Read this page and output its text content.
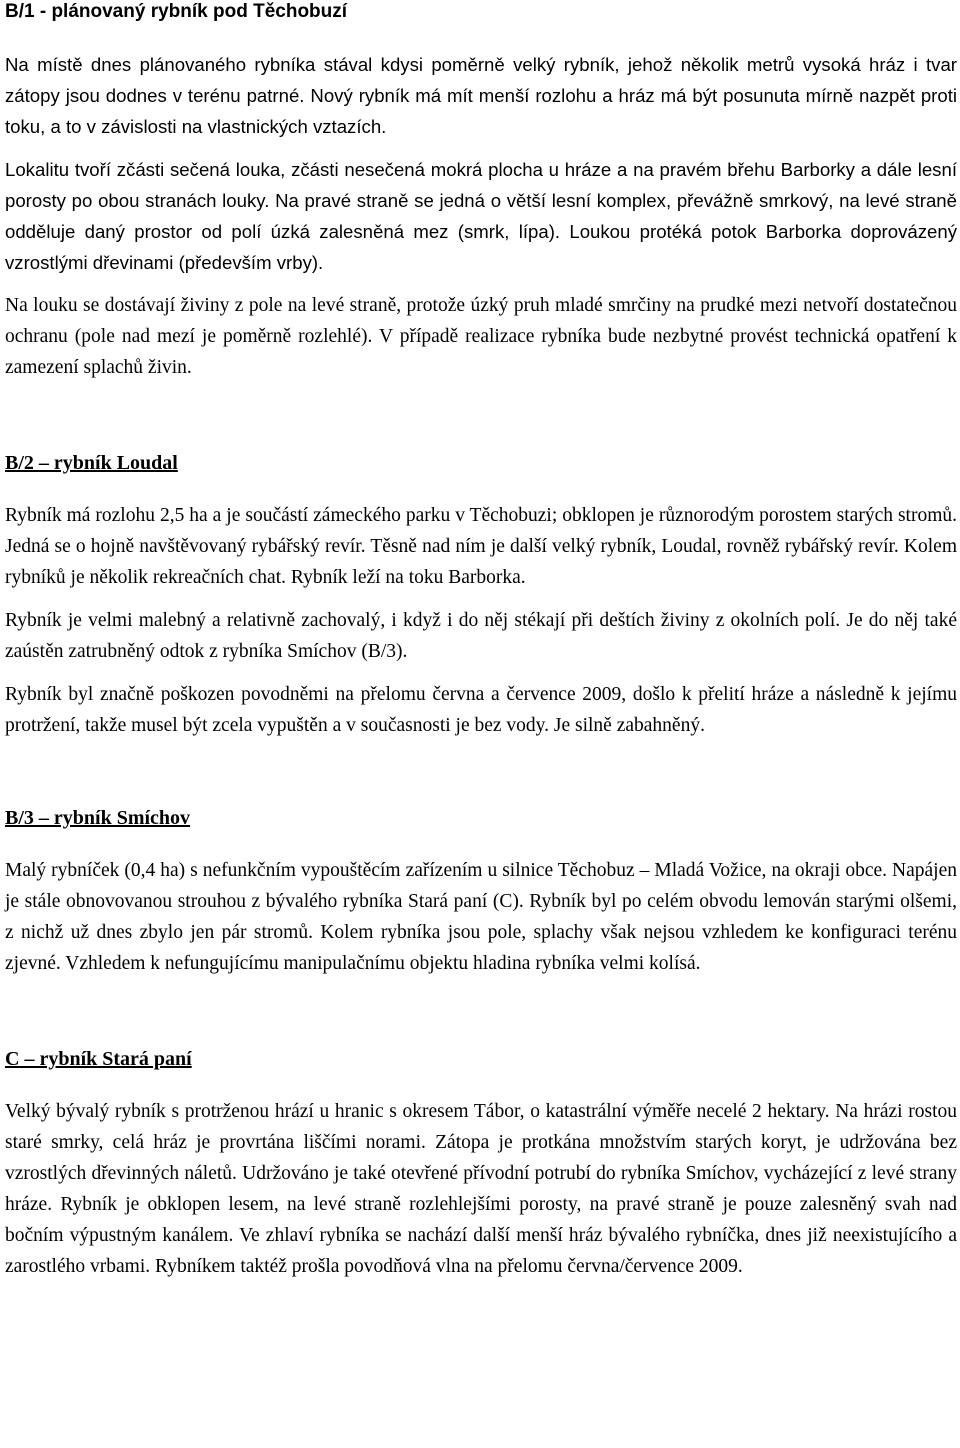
B/1 - plánovaný rybník pod Těchobuzí

Na místě dnes plánovaného rybníka stával kdysi poměrně velký rybník, jehož několik metrů vysoká hráz i tvar zátopy jsou dodnes v terénu patrné. Nový rybník má mít menší rozlohu a hráz má být posunuta mírně nazpět proti toku, a to v závislosti na vlastnických vztazích.

Lokalitu tvoří zčásti sečená louka, zčásti nesečená mokrá plocha u hráze a na pravém břehu Barborky a dále lesní porosty po obou stranách louky. Na pravé straně se jedná o větší lesní komplex, převážně smrkový, na levé straně odděluje daný prostor od polí úzká zalesněná mez (smrk, lípa). Loukou protéká potok Barborka doprovázený vzrostlými dřevinami (především vrby).

Na louku se dostávají živiny z pole na levé straně, protože úzký pruh mladé smrčiny na prudké mezi netvoří dostatečnou ochranu (pole nad mezí je poměrně rozlehlé). V případě realizace rybníka bude nezbytné provést technická opatření k zamezení splachů živin.

B/2 – rybník Loudal

Rybník má rozlohu 2,5 ha a je součástí zámeckého parku v Těchobuzi; obklopen je různorodým porostem starých stromů. Jedná se o hojně navštěvovaný rybářský revír. Těsně nad ním je další velký rybník, Loudal, rovněž rybářský revír. Kolem rybníků je několik rekreačních chat. Rybník leží na toku Barborka.

Rybník je velmi malebný a relativně zachovalý, i když i do něj stékají při deštích živiny z okolních polí. Je do něj také zaústěn zatrubněný odtok z rybníka Smíchov (B/3).

Rybník byl značně poškozen povodněmi na přelomu června a července 2009, došlo k přelití hráze a následně k jejímu protržení, takže musel být zcela vypuštěn a v současnosti je bez vody. Je silně zabahněný.

B/3 – rybník Smíchov

Malý rybníček (0,4 ha) s nefunkčním vypouštěcím zařízením u silnice Těchobuz – Mladá Vožice, na okraji obce. Napájen je stále obnovovanou strouhou z bývalého rybníka Stará paní (C). Rybník byl po celém obvodu lemován starými olšemi, z nichž už dnes zbylo jen pár stromů. Kolem rybníka jsou pole, splachy však nejsou vzhledem ke konfiguraci terénu zjevné. Vzhledem k nefungujícímu manipulačnímu objektu hladina rybníka velmi kolísá.

C – rybník Stará paní

Velký bývalý rybník s protrženou hrází u hranic s okresem Tábor, o katastrální výměře necelé 2 hektary. Na hrázi rostou staré smrky, celá hráz je provrtána liščími norami. Zátopa je protkána množstvím starých koryt, je udržována bez vzrostlých dřevinných náletů. Udržováno je také otevřené přívodní potrubí do rybníka Smíchov, vycházející z levé strany hráze. Rybník je obklopen lesem, na levé straně rozlehlejšími porosty, na pravé straně je pouze zalesněný svah nad bočním výpustným kanálem. Ve zhlaví rybníka se nachází další menší hráz bývalého rybníčka, dnes již neexistujícího a zarostlého vrbami. Rybníkem taktéž prošla povodňová vlna na přelomu června/července 2009.
